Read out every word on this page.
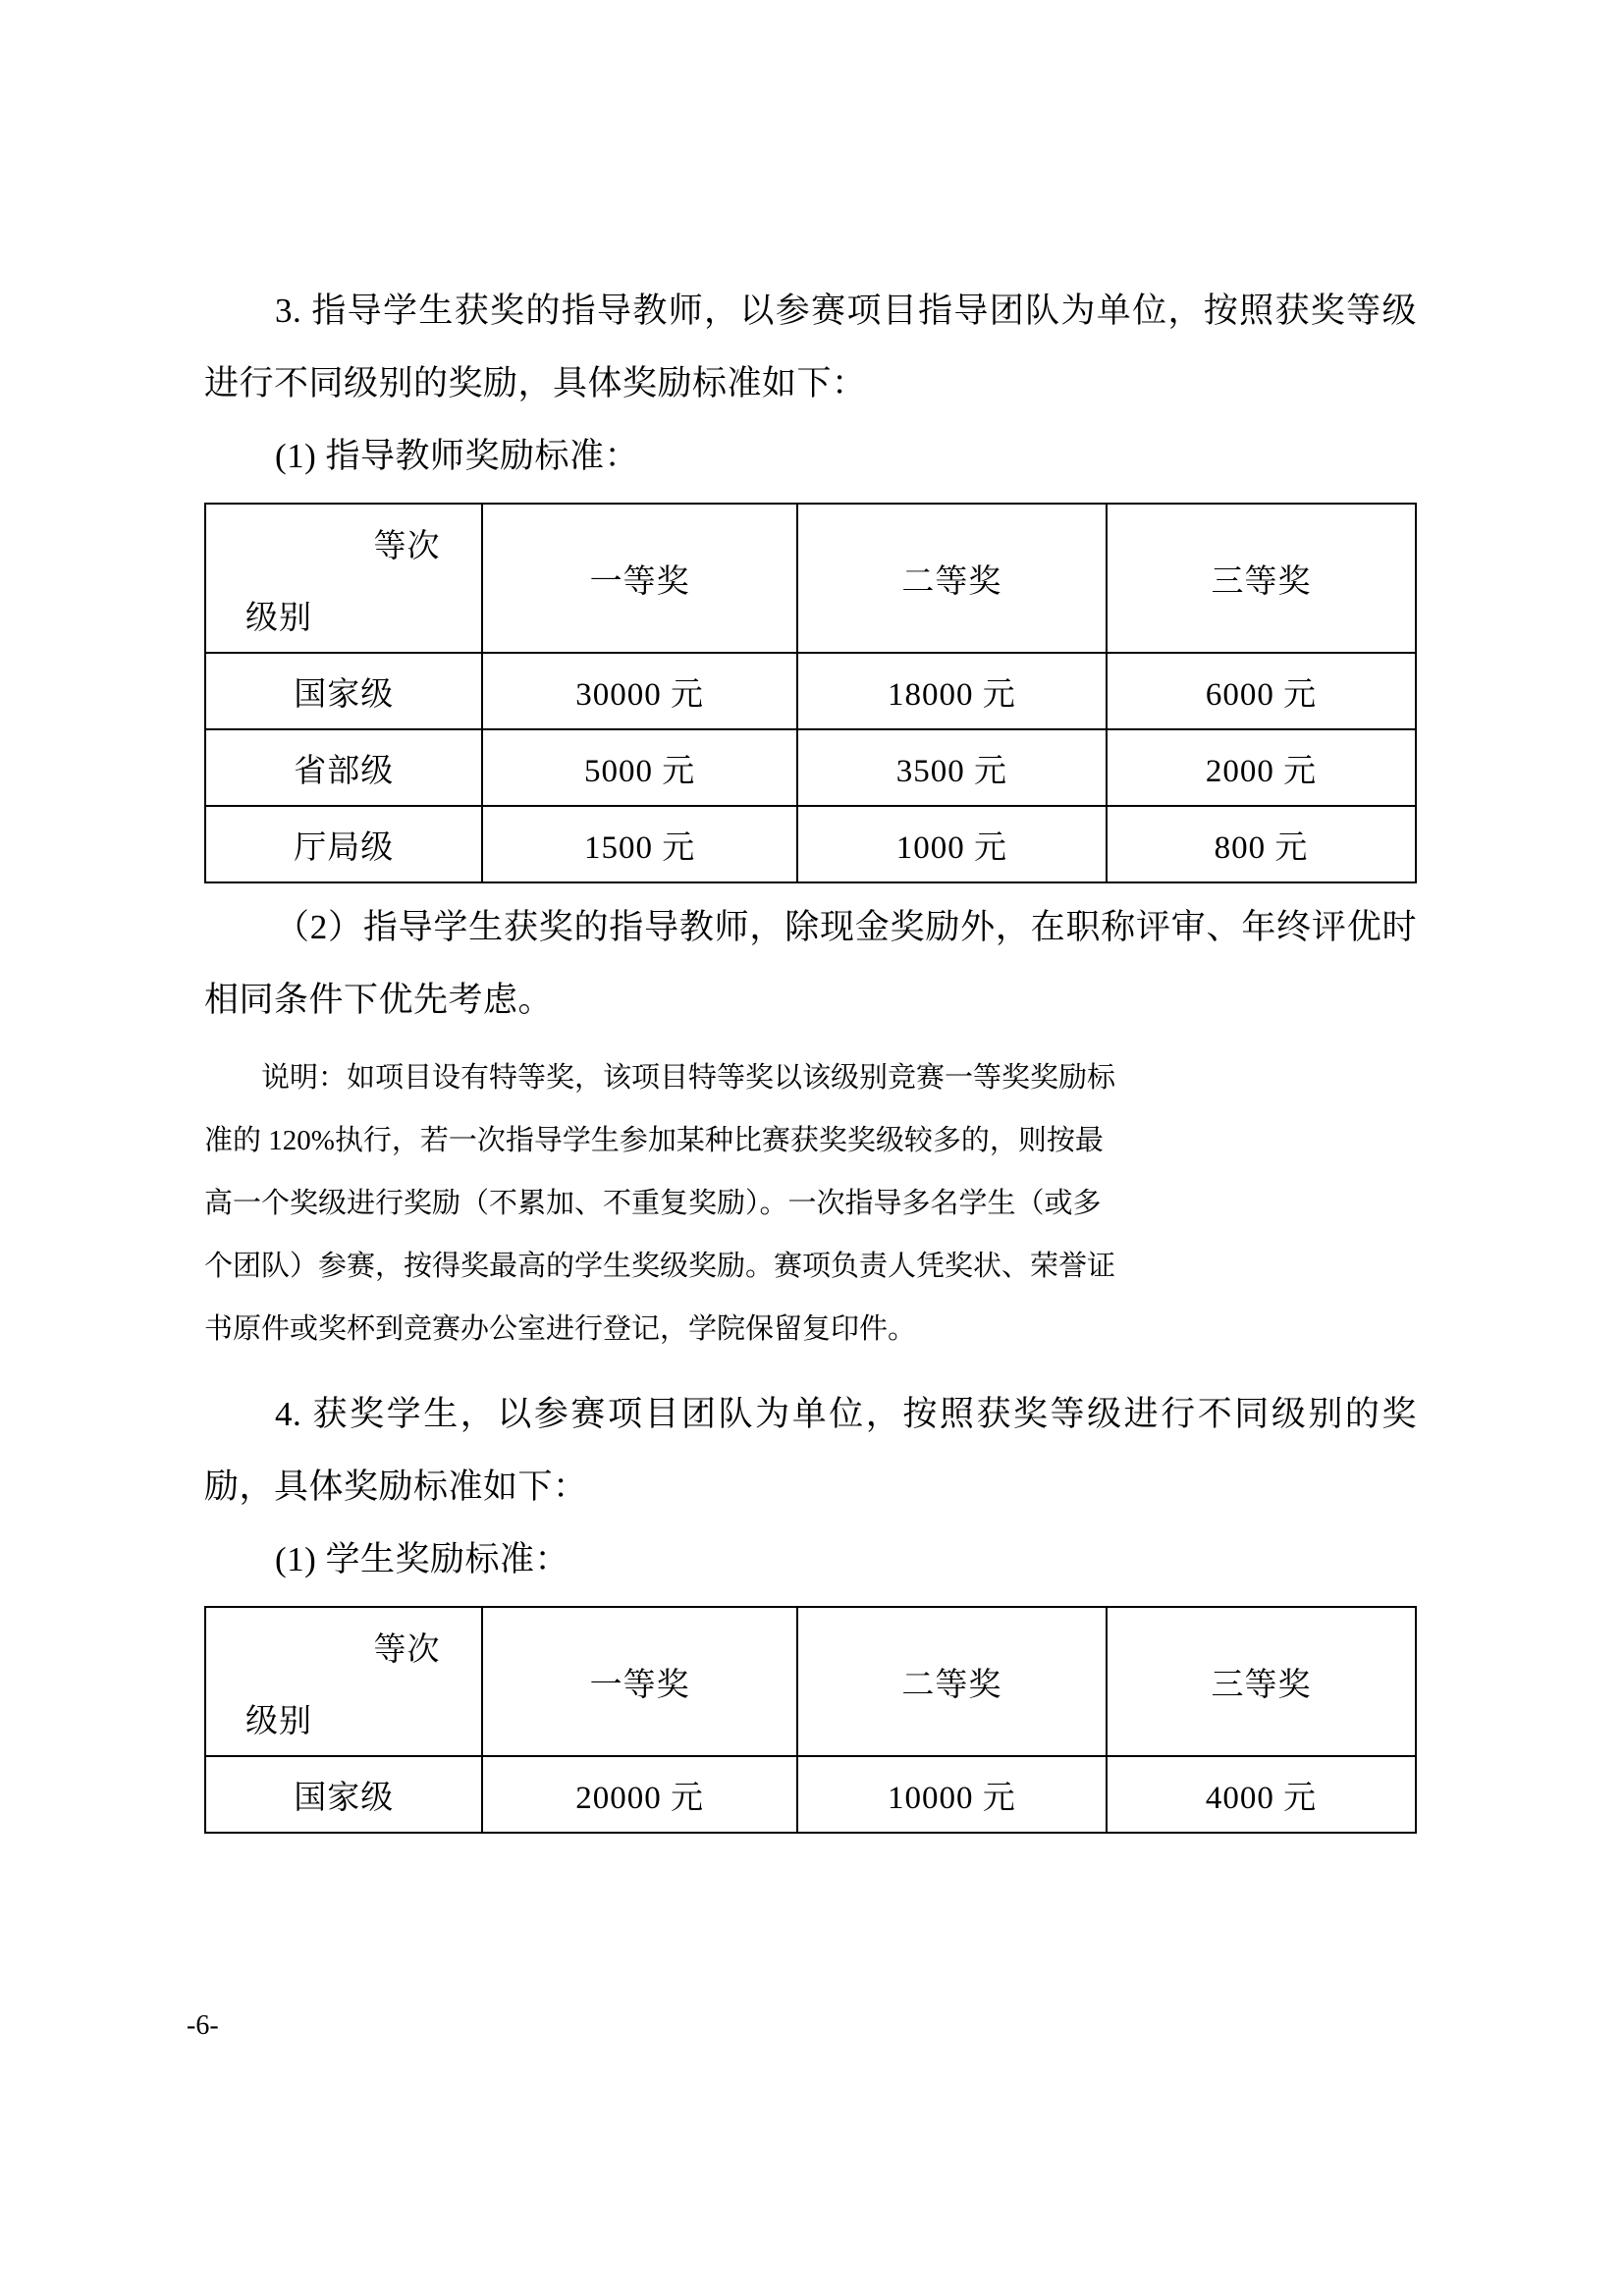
3. 指导学生获奖的指导教师，以参赛项目指导团队为单位，按照获奖等级进行不同级别的奖励，具体奖励标准如下：

(1) 指导教师奖励标准：

等次
级别	一等奖	二等奖	三等奖
国家级	30000 元	18000 元	6000 元
省部级	5000 元	3500 元	2000 元
厅局级	1500 元	1000 元	800 元

（2）指导学生获奖的指导教师，除现金奖励外，在职称评审、年终评优时相同条件下优先考虑。

说明：如项目设有特等奖，该项目特等奖以该级别竞赛一等奖奖励标

准的 120%执行，若一次指导学生参加某种比赛获奖奖级较多的，则按最

高一个奖级进行奖励（不累加、不重复奖励）。一次指导多名学生（或多

个团队）参赛，按得奖最高的学生奖级奖励。赛项负责人凭奖状、荣誉证

书原件或奖杯到竞赛办公室进行登记，学院保留复印件。

4. 获奖学生，以参赛项目团队为单位，按照获奖等级进行不同级别的奖励，具体奖励标准如下：

(1) 学生奖励标准：

等次
级别	一等奖	二等奖	三等奖
国家级	20000 元	10000 元	4000 元
-6-
